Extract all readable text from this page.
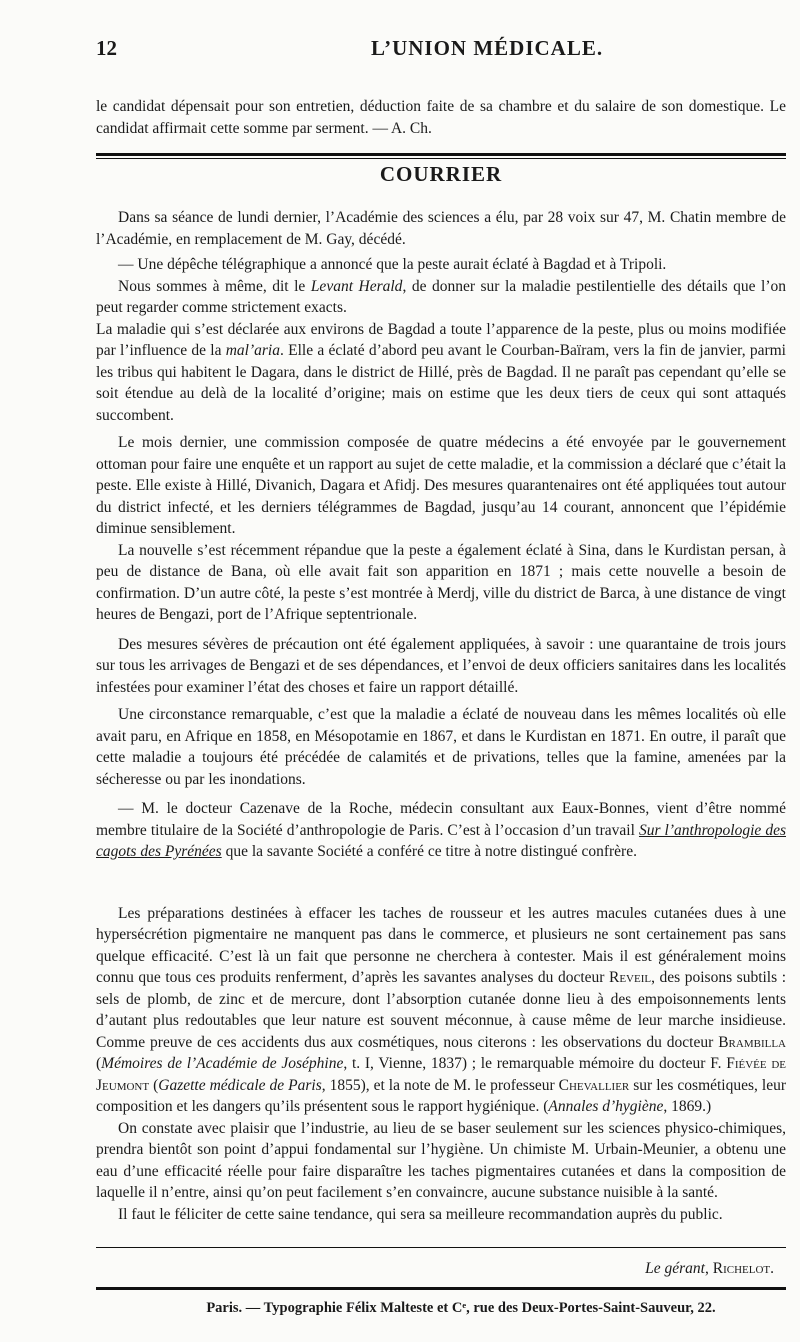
12	L’UNION MÉDICALE.

le candidat dépensait pour son entretien, déduction faite de sa chambre et du salaire de son domestique. Le candidat affirmait cette somme par serment. — A. Ch.

COURRIER

Dans sa séance de lundi dernier, l’Académie des sciences a élu, par 28 voix sur 47, M. Chatin membre de l’Académie, en remplacement de M. Gay, décédé.

— Une dépêche télégraphique a annoncé que la peste aurait éclaté à Bagdad et à Tripoli.

Nous sommes à même, dit le Levant Herald, de donner sur la maladie pestilentielle des détails que l’on peut regarder comme strictement exacts.

La maladie qui s’est déclarée aux environs de Bagdad a toute l’apparence de la peste, plus ou moins modifiée par l’influence de la mal’aria. Elle a éclaté d’abord peu avant le Courban-Baïram, vers la fin de janvier, parmi les tribus qui habitent le Dagara, dans le district de Hillé, près de Bagdad. Il ne paraît pas cependant qu’elle se soit étendue au delà de la localité d’origine; mais on estime que les deux tiers de ceux qui sont attaqués succombent.

Le mois dernier, une commission composée de quatre médecins a été envoyée par le gouvernement ottoman pour faire une enquête et un rapport au sujet de cette maladie, et la commission a déclaré que c’était la peste. Elle existe à Hillé, Divanich, Dagara et Afidj. Des mesures quarantenaires ont été appliquées tout autour du district infecté, et les derniers télégrammes de Bagdad, jusqu’au 14 courant, annoncent que l’épidémie diminue sensiblement.

La nouvelle s’est récemment répandue que la peste a également éclaté à Sina, dans le Kurdistan persan, à peu de distance de Bana, où elle avait fait son apparition en 1871 ; mais cette nouvelle a besoin de confirmation. D’un autre côté, la peste s’est montrée à Merdj, ville du district de Barca, à une distance de vingt heures de Bengazi, port de l’Afrique septentrionale.

Des mesures sévères de précaution ont été également appliquées, à savoir : une quarantaine de trois jours sur tous les arrivages de Bengazi et de ses dépendances, et l’envoi de deux officiers sanitaires dans les localités infestées pour examiner l’état des choses et faire un rapport détaillé.

Une circonstance remarquable, c’est que la maladie a éclaté de nouveau dans les mêmes localités où elle avait paru, en Afrique en 1858, en Mésopotamie en 1867, et dans le Kurdistan en 1871. En outre, il paraît que cette maladie a toujours été précédée de calamités et de privations, telles que la famine, amenées par la sécheresse ou par les inondations.

— M. le docteur Cazenave de la Roche, médecin consultant aux Eaux-Bonnes, vient d’être nommé membre titulaire de la Société d’anthropologie de Paris. C’est à l’occasion d’un travail Sur l’anthropologie des cagots des Pyrénées que la savante Société a conféré ce titre à notre distingué confrère.

Les préparations destinées à effacer les taches de rousseur et les autres macules cutanées dues à une hypersécrétion pigmentaire ne manquent pas dans le commerce, et plusieurs ne sont certainement pas sans quelque efficacité. C’est là un fait que personne ne cherchera à contester. Mais il est généralement moins connu que tous ces produits renferment, d’après les savantes analyses du docteur Reveil, des poisons subtils : sels de plomb, de zinc et de mercure, dont l’absorption cutanée donne lieu à des empoisonnements lents d’autant plus redoutables que leur nature est souvent méconnue, à cause même de leur marche insidieuse. Comme preuve de ces accidents dus aux cosmétiques, nous citerons : les observations du docteur Brambilla (Mémoires de l’Académie de Joséphine, t. I, Vienne, 1837) ; le remarquable mémoire du docteur F. Fiévée de Jeumont (Gazette médicale de Paris, 1855), et la note de M. le professeur Chevallier sur les cosmétiques, leur composition et les dangers qu’ils présentent sous le rapport hygiénique. (Annales d’hygiène, 1869.)

On constate avec plaisir que l’industrie, au lieu de se baser seulement sur les sciences physico-chimiques, prendra bientôt son point d’appui fondamental sur l’hygiène. Un chimiste M. Urbain-Meunier, a obtenu une eau d’une efficacité réelle pour faire disparaître les taches pigmentaires cutanées et dans la composition de laquelle il n’entre, ainsi qu’on peut facilement s’en convaincre, aucune substance nuisible à la santé.

Il faut le féliciter de cette saine tendance, qui sera sa meilleure recommandation auprès du public.

Le gérant, Richelot.
Paris. — Typographie Félix Malteste et Cᵉ, rue des Deux-Portes-Saint-Sauveur, 22.
